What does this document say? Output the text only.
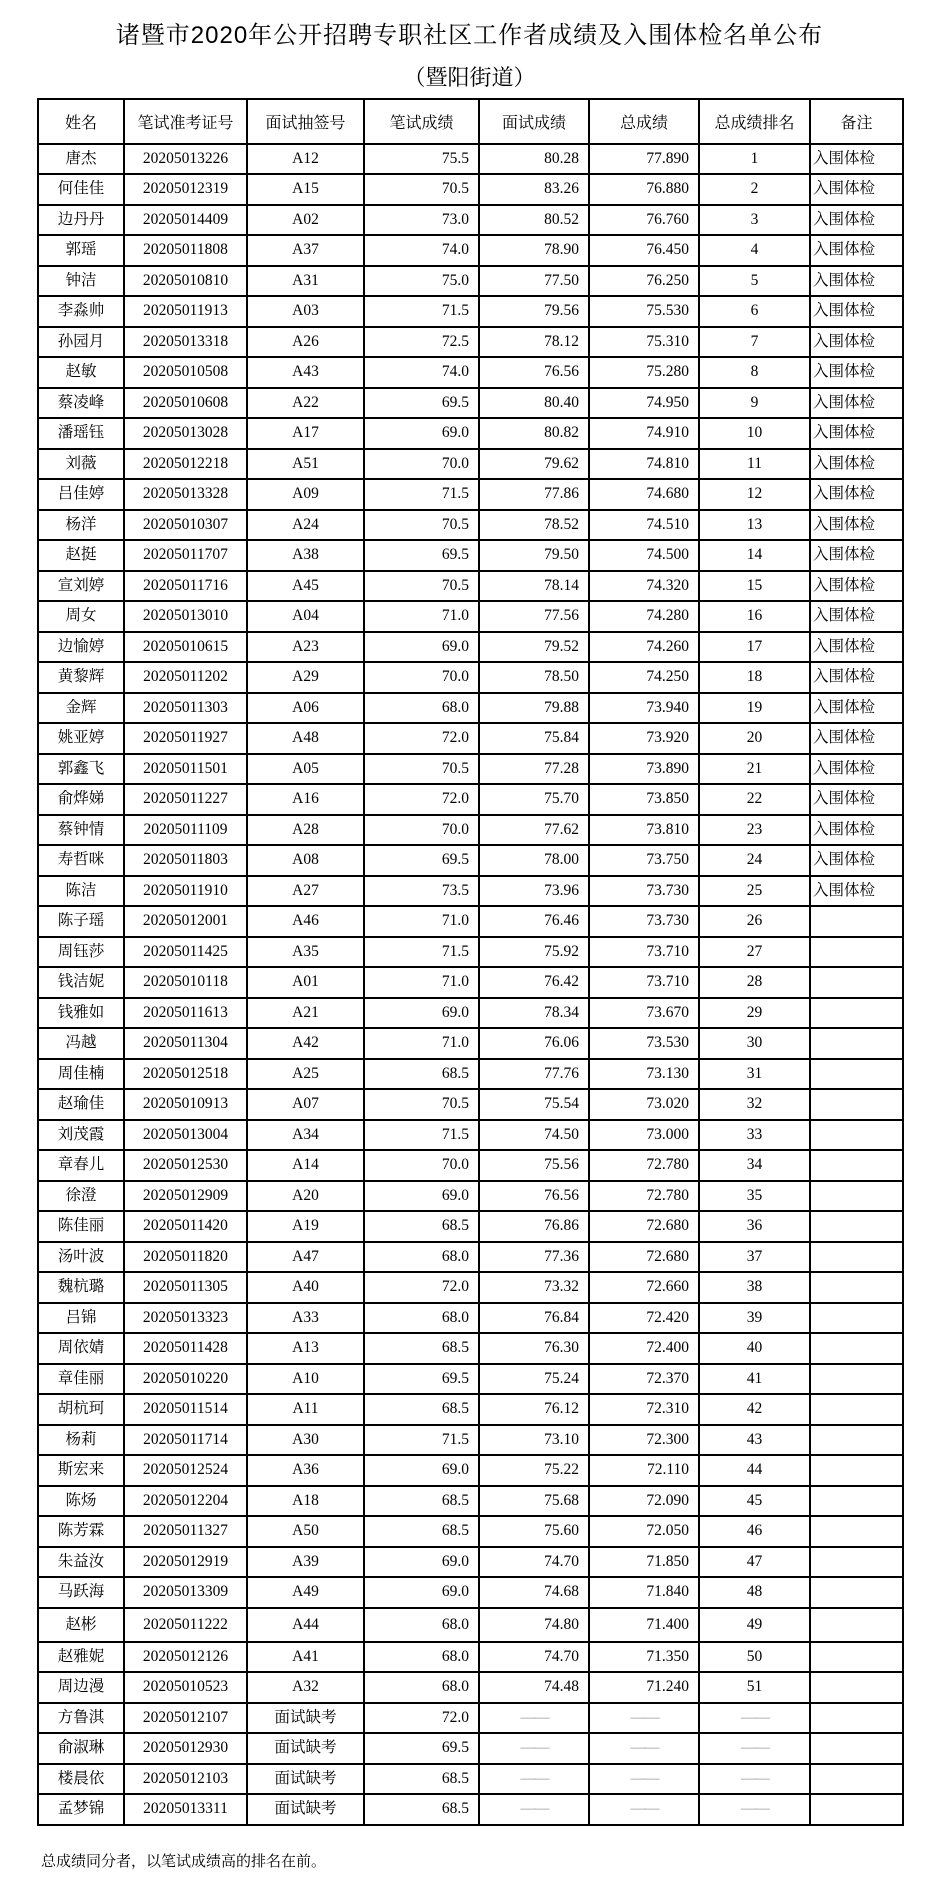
诸暨市2020年公开招聘专职社区工作者成绩及入围体检名单公布
（暨阳街道）
姓名	笔试准考证号	面试抽签号	笔试成绩	面试成绩	总成绩	总成绩排名	备注
唐杰	20205013226	A12	75.5	80.28	77.890	1	入围体检
何佳佳	20205012319	A15	70.5	83.26	76.880	2	入围体检
边丹丹	20205014409	A02	73.0	80.52	76.760	3	入围体检
郭瑶	20205011808	A37	74.0	78.90	76.450	4	入围体检
钟洁	20205010810	A31	75.0	77.50	76.250	5	入围体检
李淼帅	20205011913	A03	71.5	79.56	75.530	6	入围体检
孙园月	20205013318	A26	72.5	78.12	75.310	7	入围体检
赵敏	20205010508	A43	74.0	76.56	75.280	8	入围体检
蔡凌峰	20205010608	A22	69.5	80.40	74.950	9	入围体检
潘瑶钰	20205013028	A17	69.0	80.82	74.910	10	入围体检
刘薇	20205012218	A51	70.0	79.62	74.810	11	入围体检
吕佳婷	20205013328	A09	71.5	77.86	74.680	12	入围体检
杨洋	20205010307	A24	70.5	78.52	74.510	13	入围体检
赵挺	20205011707	A38	69.5	79.50	74.500	14	入围体检
宣刘婷	20205011716	A45	70.5	78.14	74.320	15	入围体检
周女	20205013010	A04	71.0	77.56	74.280	16	入围体检
边愉婷	20205010615	A23	69.0	79.52	74.260	17	入围体检
黄黎辉	20205011202	A29	70.0	78.50	74.250	18	入围体检
金辉	20205011303	A06	68.0	79.88	73.940	19	入围体检
姚亚婷	20205011927	A48	72.0	75.84	73.920	20	入围体检
郭鑫飞	20205011501	A05	70.5	77.28	73.890	21	入围体检
俞烨娣	20205011227	A16	72.0	75.70	73.850	22	入围体检
蔡钟情	20205011109	A28	70.0	77.62	73.810	23	入围体检
寿哲咪	20205011803	A08	69.5	78.00	73.750	24	入围体检
陈洁	20205011910	A27	73.5	73.96	73.730	25	入围体检
陈子瑶	20205012001	A46	71.0	76.46	73.730	26	
周钰莎	20205011425	A35	71.5	75.92	73.710	27	
钱洁妮	20205010118	A01	71.0	76.42	73.710	28	
钱雅如	20205011613	A21	69.0	78.34	73.670	29	
冯越	20205011304	A42	71.0	76.06	73.530	30	
周佳楠	20205012518	A25	68.5	77.76	73.130	31	
赵瑜佳	20205010913	A07	70.5	75.54	73.020	32	
刘茂霞	20205013004	A34	71.5	74.50	73.000	33	
章春儿	20205012530	A14	70.0	75.56	72.780	34	
徐澄	20205012909	A20	69.0	76.56	72.780	35	
陈佳丽	20205011420	A19	68.5	76.86	72.680	36	
汤叶波	20205011820	A47	68.0	77.36	72.680	37	
魏杭璐	20205011305	A40	72.0	73.32	72.660	38	
吕锦	20205013323	A33	68.0	76.84	72.420	39	
周依婧	20205011428	A13	68.5	76.30	72.400	40	
章佳丽	20205010220	A10	69.5	75.24	72.370	41	
胡杭珂	20205011514	A11	68.5	76.12	72.310	42	
杨莉	20205011714	A30	71.5	73.10	72.300	43	
斯宏来	20205012524	A36	69.0	75.22	72.110	44	
陈炀	20205012204	A18	68.5	75.68	72.090	45	
陈芳霖	20205011327	A50	68.5	75.60	72.050	46	
朱益汝	20205012919	A39	69.0	74.70	71.850	47	
马跃海	20205013309	A49	69.0	74.68	71.840	48	
赵彬	20205011222	A44	68.0	74.80	71.400	49	
赵雅妮	20205012126	A41	68.0	74.70	71.350	50	
周边漫	20205010523	A32	68.0	74.48	71.240	51	
方鲁淇	20205012107	面试缺考	72.0	——	——	——	
俞淑琳	20205012930	面试缺考	69.5	——	——	——	
楼晨依	20205012103	面试缺考	68.5	——	——	——	
孟梦锦	20205013311	面试缺考	68.5	——	——	——	
总成绩同分者，以笔试成绩高的排名在前。
